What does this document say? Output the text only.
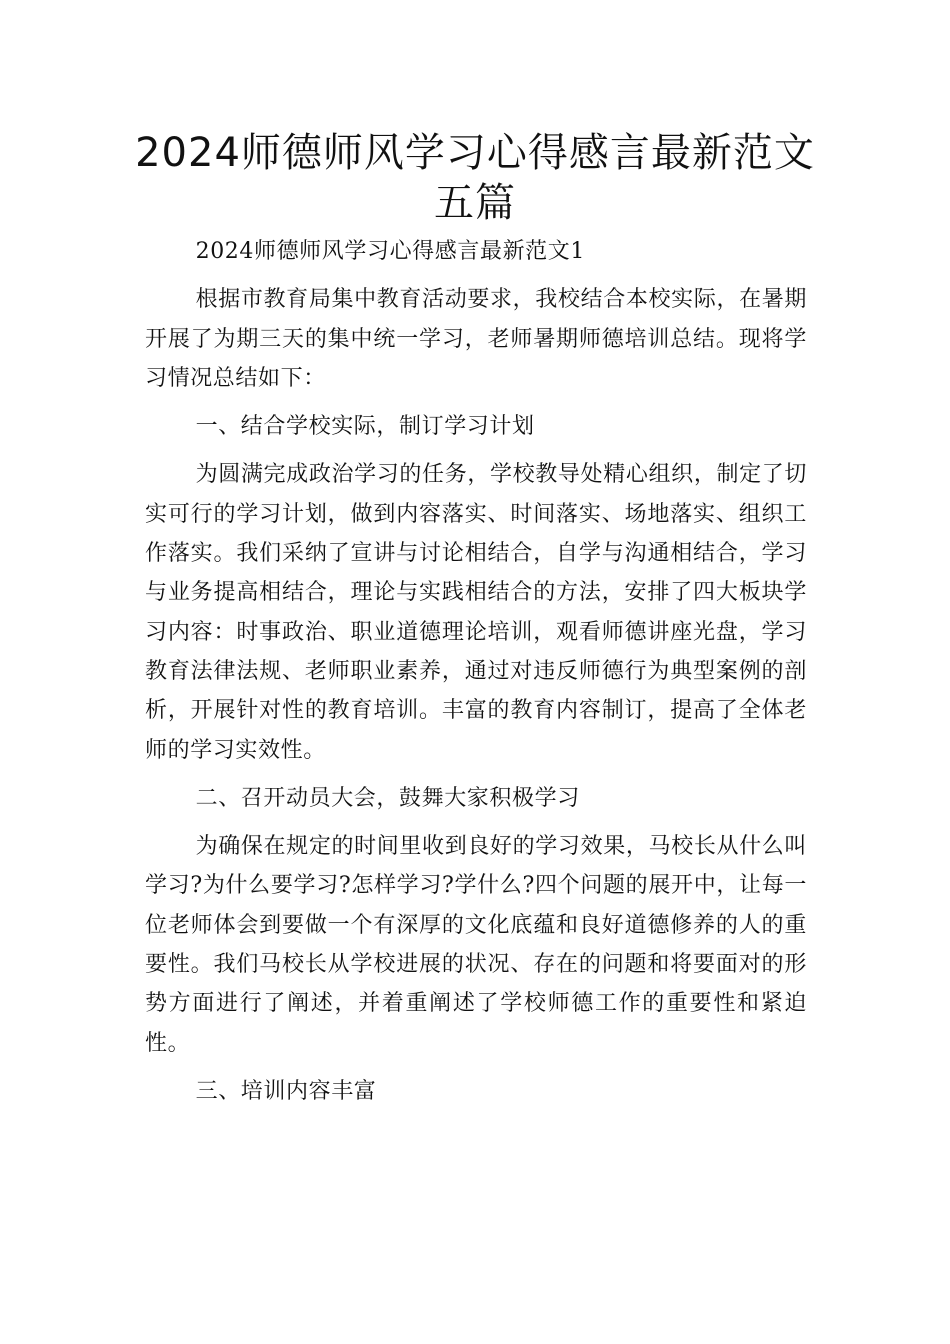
2024师德师风学习心得感言最新范文五篇

2024师德师风学习心得感言最新范文1

根据市教育局集中教育活动要求，我校结合本校实际，在暑期开展了为期三天的集中统一学习，老师暑期师德培训总结。现将学习情况总结如下：

一、结合学校实际，制订学习计划

为圆满完成政治学习的任务，学校教导处精心组织，制定了切实可行的学习计划，做到内容落实、时间落实、场地落实、组织工作落实。我们采纳了宣讲与讨论相结合，自学与沟通相结合，学习与业务提高相结合，理论与实践相结合的方法，安排了四大板块学习内容：时事政治、职业道德理论培训，观看师德讲座光盘，学习教育法律法规、老师职业素养，通过对违反师德行为典型案例的剖析，开展针对性的教育培训。丰富的教育内容制订，提高了全体老师的学习实效性。

二、召开动员大会，鼓舞大家积极学习

为确保在规定的时间里收到良好的学习效果，马校长从什么叫学习?为什么要学习?怎样学习?学什么?四个问题的展开中，让每一位老师体会到要做一个有深厚的文化底蕴和良好道德修养的人的重要性。我们马校长从学校进展的状况、存在的问题和将要面对的形势方面进行了阐述，并着重阐述了学校师德工作的重要性和紧迫性。

三、培训内容丰富
